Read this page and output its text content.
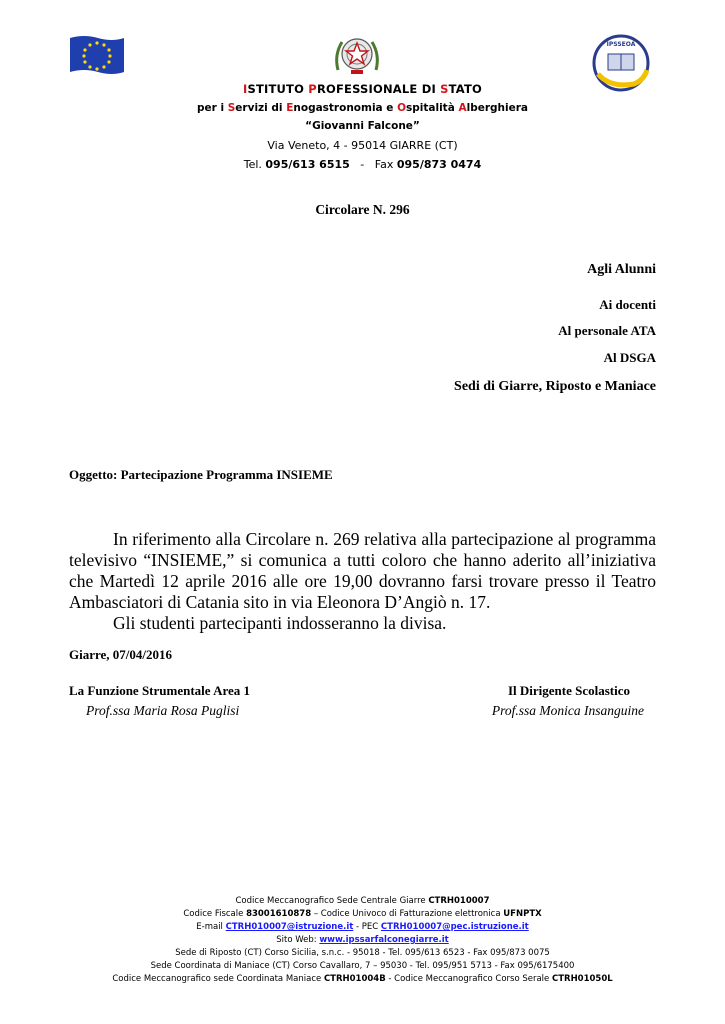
IPSSEOA
ISTITUTO PROFESSIONALE DI STATO
per i Servizi di Enogastronomia e Ospitalità Alberghiera
“Giovanni Falcone”
Via Veneto, 4 - 95014 GIARRE (CT)
Tel. 095/613 6515 - Fax 095/873 0474
Circolare N. 296
Agli Alunni
Ai docenti
Al personale ATA
Al DSGA
Sedi di Giarre, Riposto e Maniace
Oggetto: Partecipazione Programma INSIEME

In riferimento alla Circolare n. 269 relativa alla partecipazione al programma televisivo “INSIEME,” si comunica a tutti coloro che hanno aderito all’iniziativa che Martedì 12 aprile 2016 alle ore 19,00 dovranno farsi trovare presso il Teatro Ambasciatori di Catania sito in via Eleonora D’Angiò n. 17.

Gli studenti partecipanti indosseranno la divisa.

Giarre, 07/04/2016
La Funzione Strumentale Area 1
Prof.ssa Maria Rosa Puglisi
Il Dirigente Scolastico
Prof.ssa Monica Insanguine
Codice Meccanografico Sede Centrale Giarre CTRH010007
Codice Fiscale 83001610878 – Codice Univoco di Fatturazione elettronica UFNPTX
E-mail CTRH010007@istruzione.it - PEC CTRH010007@pec.istruzione.it
Sito Web: www.ipssarfalconegiarre.it
Sede di Riposto (CT) Corso Sicilia, s.n.c. - 95018 - Tel. 095/613 6523 - Fax 095/873 0075
Sede Coordinata di Maniace (CT) Corso Cavallaro, 7 – 95030 - Tel. 095/951 5713 - Fax 095/6175400
Codice Meccanografico sede Coordinata Maniace CTRH01004B - Codice Meccanografico Corso Serale CTRH01050L
